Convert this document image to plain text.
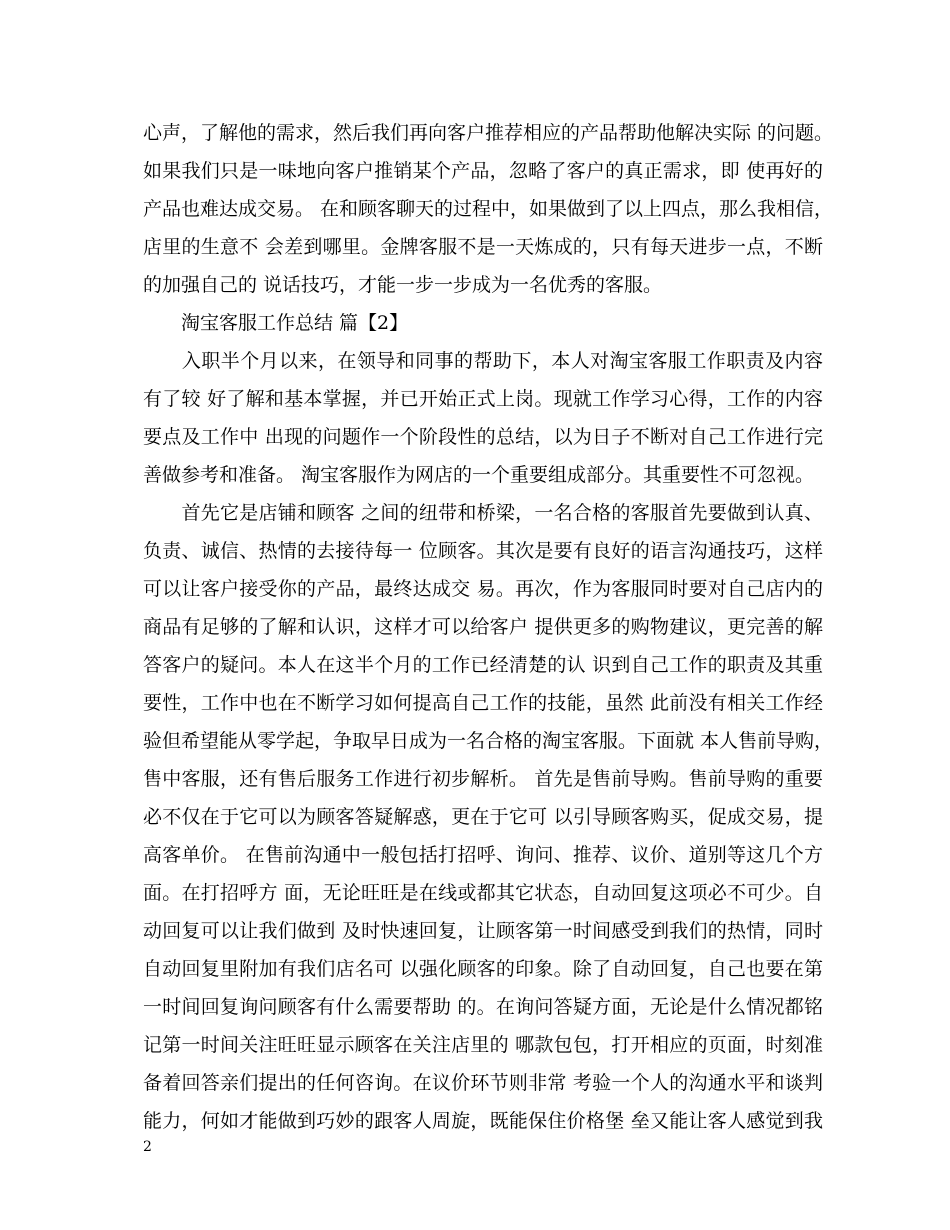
心声，了解他的需求，然后我们再向客户推荐相应的产品帮助他解决实际 的问题。
如果我们只是一味地向客户推销某个产品，忽略了客户的真正需求，即 使再好的
产品也难达成交易。 在和顾客聊天的过程中，如果做到了以上四点，那么我相信，
店里的生意不 会差到哪里。金牌客服不是一天炼成的，只有每天进步一点，不断
的加强自己的 说话技巧，才能一步一步成为一名优秀的客服。
　　淘宝客服工作总结 篇【2】
　　入职半个月以来，在领导和同事的帮助下，本人对淘宝客服工作职责及内容
有了较 好了解和基本掌握，并已开始正式上岗。现就工作学习心得，工作的内容
要点及工作中 出现的问题作一个阶段性的总结，以为日子不断对自己工作进行完
善做参考和准备。 淘宝客服作为网店的一个重要组成部分。其重要性不可忽视。
　　首先它是店铺和顾客 之间的纽带和桥梁，一名合格的客服首先要做到认真、
负责、诚信、热情的去接待每一 位顾客。其次是要有良好的语言沟通技巧，这样
可以让客户接受你的产品，最终达成交 易。再次，作为客服同时要对自己店内的
商品有足够的了解和认识，这样才可以给客户 提供更多的购物建议，更完善的解
答客户的疑问。本人在这半个月的工作已经清楚的认 识到自己工作的职责及其重
要性，工作中也在不断学习如何提高自己工作的技能，虽然 此前没有相关工作经
验但希望能从零学起，争取早日成为一名合格的淘宝客服。下面就 本人售前导购，
售中客服，还有售后服务工作进行初步解析。 首先是售前导购。售前导购的重要
必不仅在于它可以为顾客答疑解惑，更在于它可 以引导顾客购买，促成交易，提
高客单价。 在售前沟通中一般包括打招呼、询问、推荐、议价、道别等这几个方
面。在打招呼方 面，无论旺旺是在线或都其它状态，自动回复这项必不可少。自
动回复可以让我们做到 及时快速回复，让顾客第一时间感受到我们的热情，同时
自动回复里附加有我们店名可 以强化顾客的印象。除了自动回复，自己也要在第
一时间回复询问顾客有什么需要帮助 的。在询问答疑方面，无论是什么情况都铭
记第一时间关注旺旺显示顾客在关注店里的 哪款包包，打开相应的页面，时刻准
备着回答亲们提出的任何咨询。在议价环节则非常 考验一个人的沟通水平和谈判
能力，何如才能做到巧妙的跟客人周旋，既能保住价格堡 垒又能让客人感觉到我
2
